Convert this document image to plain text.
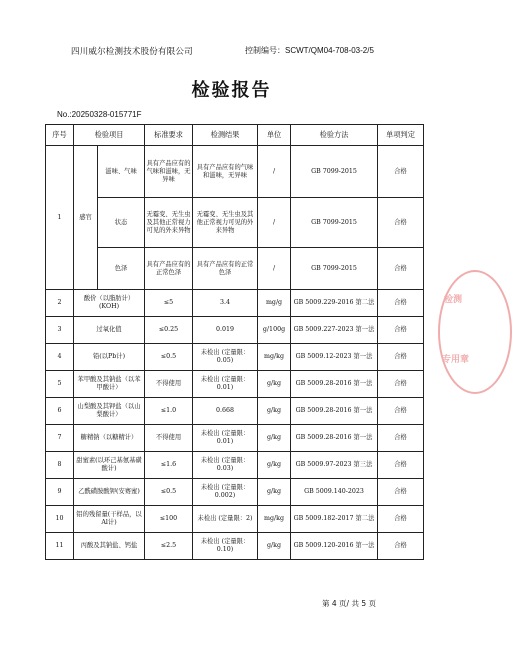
四川威尔检测技术股份有限公司	控制编号：SCWT/QM04-708-03-2/5
检验报告
No.:20250328-015771F
序号	检验项目		标准要求	检测结果	单位	检验方法	单项判定
1	感官	滋味、气味	具有产品应有的气味和滋味，无异味	具有产品应有的气味和滋味，无异味	/	GB 7099-2015	合格
		状态	无霉变、无生虫及其他正常视力可见的外来异物	无霉变、无生虫及其他正常视力可见的外来异物	/	GB 7099-2015	合格
		色泽	具有产品应有的正常色泽	具有产品应有的正常色泽	/	GB 7099-2015	合格
2	酸价（以脂肪计）(KOH)		≤5	3.4	mg/g	GB 5009.229-2016 第二法	合格
3	过氧化值		≤0.25	0.019	g/100g	GB 5009.227-2023 第一法	合格
4	铅(以Pb计)		≤0.5	未检出 (定量限：0.05)	mg/kg	GB 5009.12-2023 第一法	合格
5	苯甲酸及其钠盐（以苯甲酸计）		不得使用	未检出 (定量限：0.01)	g/kg	GB 5009.28-2016 第一法	合格
6	山梨酸及其钾盐（以山梨酸计）		≤1.0	0.668	g/kg	GB 5009.28-2016 第一法	合格
7	糖精钠（以糖精计）		不得使用	未检出 (定量限：0.01)	g/kg	GB 5009.28-2016 第一法	合格
8	甜蜜素(以环己基氨基磺酸计)		≤1.6	未检出 (定量限：0.03)	g/kg	GB 5009.97-2023 第三法	合格
9	乙酰磺胺酸钾(安赛蜜)		≤0.5	未检出 (定量限：0.002)	g/kg	GB 5009.140-2023	合格
10	铝的残留量(干样品，以Al计)		≤100	未检出 (定量限：2)	mg/kg	GB 5009.182-2017 第二法	合格
11	丙酸及其钠盐、钙盐		≤2.5	未检出 (定量限：0.10)	g/kg	GB 5009.120-2016 第一法	合格
检测
专用章
第 4 页/ 共 5 页
